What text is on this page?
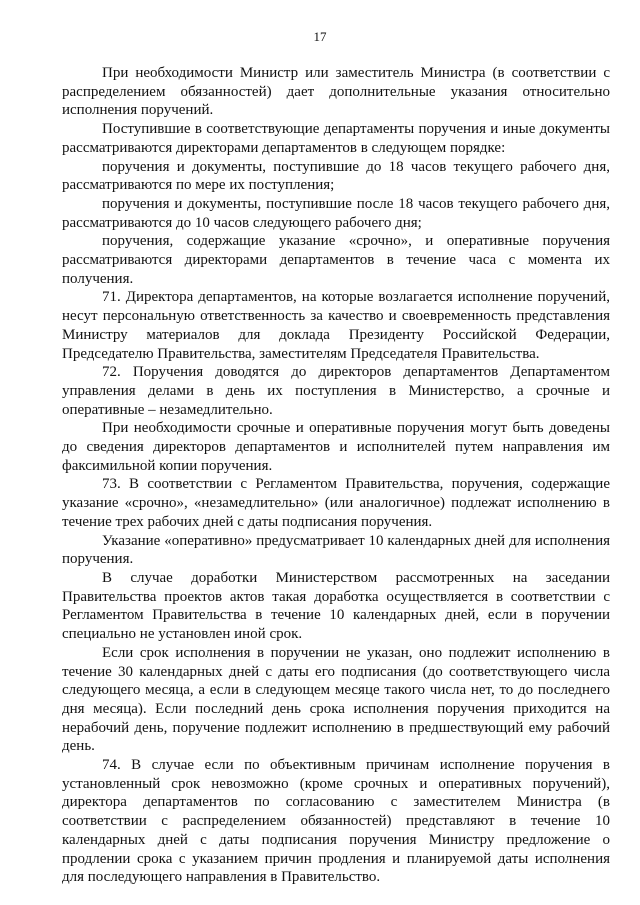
17

При необходимости Министр или заместитель Министра (в соответствии с распределением обязанностей) дает дополнительные указания относительно исполнения поручений.

Поступившие в соответствующие департаменты поручения и иные документы рассматриваются директорами департаментов в следующем порядке:

поручения и документы, поступившие до 18 часов текущего рабочего дня, рассматриваются по мере их поступления;

поручения и документы, поступившие после 18 часов текущего рабочего дня, рассматриваются до 10 часов следующего рабочего дня;

поручения, содержащие указание «срочно», и оперативные поручения рассматриваются директорами департаментов в течение часа с момента их получения.

71. Директора департаментов, на которые возлагается исполнение поручений, несут персональную ответственность за качество и своевременность представления Министру материалов для доклада Президенту Российской Федерации, Председателю Правительства, заместителям Председателя Правительства.

72. Поручения доводятся до директоров департаментов Департаментом управления делами в день их поступления в Министерство, а срочные и оперативные – незамедлительно.

При необходимости срочные и оперативные поручения могут быть доведены до сведения директоров департаментов и исполнителей путем направления им факсимильной копии поручения.

73. В соответствии с Регламентом Правительства, поручения, содержащие указание «срочно», «незамедлительно» (или аналогичное) подлежат исполнению в течение трех рабочих дней с даты подписания поручения.

Указание «оперативно» предусматривает 10 календарных дней для исполнения поручения.

В случае доработки Министерством рассмотренных на заседании Правительства проектов актов такая доработка осуществляется в соответствии с Регламентом Правительства в течение 10 календарных дней, если в поручении специально не установлен иной срок.

Если срок исполнения в поручении не указан, оно подлежит исполнению в течение 30 календарных дней с даты его подписания (до соответствующего числа следующего месяца, а если в следующем месяце такого числа нет, то до последнего дня месяца). Если последний день срока исполнения поручения приходится на нерабочий день, поручение подлежит исполнению в предшествующий ему рабочий день.

74. В случае если по объективным причинам исполнение поручения в установленный срок невозможно (кроме срочных и оперативных поручений), директора департаментов по согласованию с заместителем Министра (в соответствии с распределением обязанностей) представляют в течение 10 календарных дней с даты подписания поручения Министру предложение о продлении срока с указанием причин продления и планируемой даты исполнения для последующего направления в Правительство.
